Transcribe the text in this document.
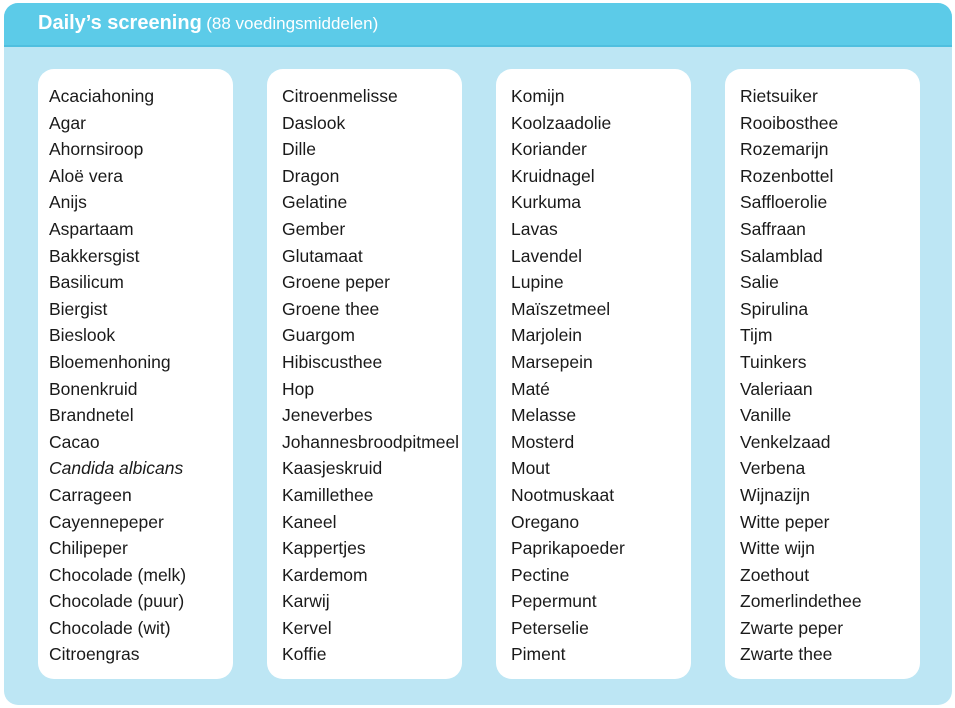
Daily’s screening (88 voedingsmiddelen)
Acaciahoning
Agar
Ahornsiroop
Aloë vera
Anijs
Aspartaam
Bakkersgist
Basilicum
Biergist
Bieslook
Bloemenhoning
Bonenkruid
Brandnetel
Cacao
Candida albicans
Carrageen
Cayennepeper
Chilipeper
Chocolade (melk)
Chocolade (puur)
Chocolade (wit)
Citroengras
Citroenmelisse
Daslook
Dille
Dragon
Gelatine
Gember
Glutamaat
Groene peper
Groene thee
Guargom
Hibiscusthee
Hop
Jeneverbes
Johannesbroodpitmeel
Kaasjeskruid
Kamillethee
Kaneel
Kappertjes
Kardemom
Karwij
Kervel
Koffie
Komijn
Koolzaadolie
Koriander
Kruidnagel
Kurkuma
Lavas
Lavendel
Lupine
Maïszetmeel
Marjolein
Marsepein
Maté
Melasse
Mosterd
Mout
Nootmuskaat
Oregano
Paprikapoeder
Pectine
Pepermunt
Peterselie
Piment
Rietsuiker
Rooibosthee
Rozemarijn
Rozenbottel
Saffloerolie
Saffraan
Salamblad
Salie
Spirulina
Tijm
Tuinkers
Valeriaan
Vanille
Venkelzaad
Verbena
Wijnazijn
Witte peper
Witte wijn
Zoethout
Zomerlindethee
Zwarte peper
Zwarte thee
